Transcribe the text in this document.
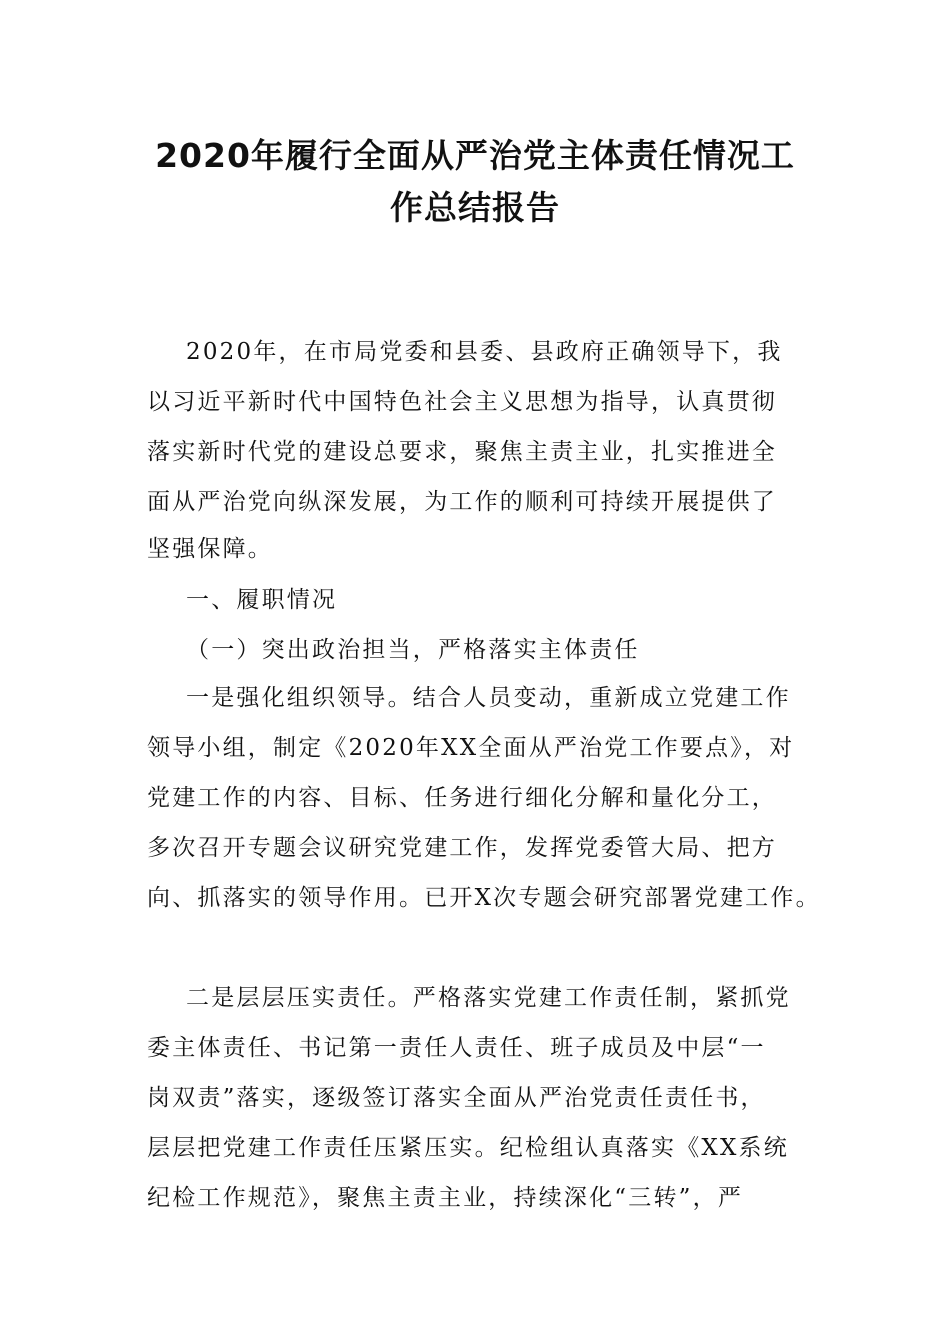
2020年履行全面从严治党主体责任情况工
作总结报告

2020年，在市局党委和县委、县政府正确领导下，我

以习近平新时代中国特色社会主义思想为指导，认真贯彻

落实新时代党的建设总要求，聚焦主责主业，扎实推进全

面从严治党向纵深发展，为工作的顺利可持续开展提供了

坚强保障。

一、履职情况

（一）突出政治担当，严格落实主体责任

一是强化组织领导。结合人员变动，重新成立党建工作

领导小组，制定《2020年XX全面从严治党工作要点》，对

党建工作的内容、目标、任务进行细化分解和量化分工，

多次召开专题会议研究党建工作，发挥党委管大局、把方

向、抓落实的领导作用。已开X次专题会研究部署党建工作。

二是层层压实责任。严格落实党建工作责任制，紧抓党

委主体责任、书记第一责任人责任、班子成员及中层“一

岗双责”落实，逐级签订落实全面从严治党责任责任书，

层层把党建工作责任压紧压实。纪检组认真落实《XX系统

纪检工作规范》，聚焦主责主业，持续深化“三转”，严
